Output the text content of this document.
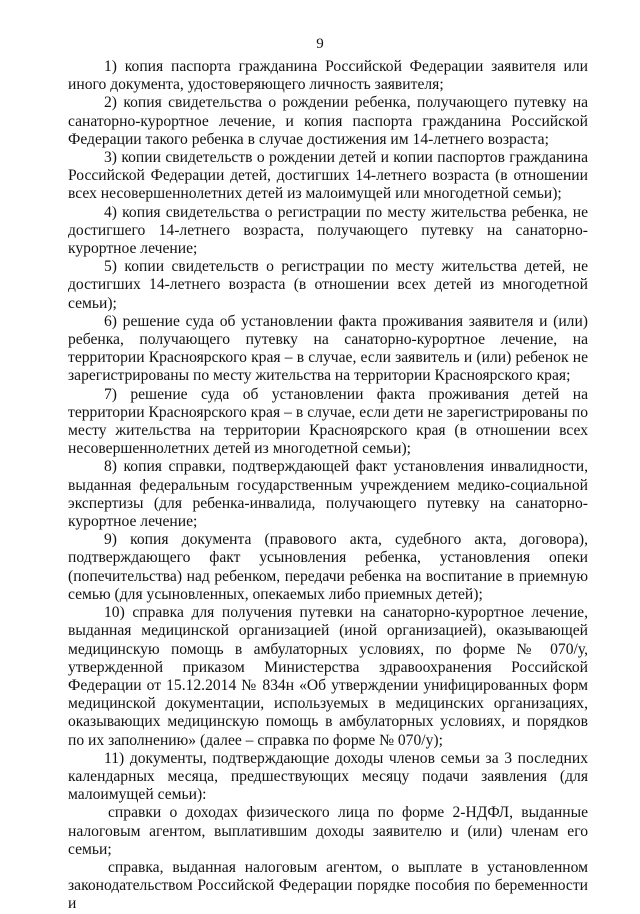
9

1) копия паспорта гражданина Российской Федерации заявителя или иного документа, удостоверяющего личность заявителя;

2) копия свидетельства о рождении ребенка, получающего путевку на санаторно-курортное лечение, и копия паспорта гражданина Российской Федерации такого ребенка в случае достижения им 14-летнего возраста;

3) копии свидетельств о рождении детей и копии паспортов гражданина Российской Федерации детей, достигших 14-летнего возраста (в отношении всех несовершеннолетних детей из малоимущей или многодетной семьи);

4) копия свидетельства о регистрации по месту жительства ребенка, не достигшего 14-летнего возраста, получающего путевку на санаторно-курортное лечение;

5) копии свидетельств о регистрации по месту жительства детей, не достигших 14-летнего возраста (в отношении всех детей из многодетной семьи);

6) решение суда об установлении факта проживания заявителя и (или) ребенка, получающего путевку на санаторно-курортное лечение, на территории Красноярского края – в случае, если заявитель и (или) ребенок не зарегистрированы по месту жительства на территории Красноярского края;

7) решение суда об установлении факта проживания детей на территории Красноярского края – в случае, если дети не зарегистрированы по месту жительства на территории Красноярского края (в отношении всех несовершеннолетних детей из многодетной семьи);

8) копия справки, подтверждающей факт установления инвалидности, выданная федеральным государственным учреждением медико-социальной экспертизы (для ребенка-инвалида, получающего путевку на санаторно-курортное лечение;

9) копия документа (правового акта, судебного акта, договора), подтверждающего факт усыновления ребенка, установления опеки (попечительства) над ребенком, передачи ребенка на воспитание в приемную семью (для усыновленных, опекаемых либо приемных детей);

10) справка для получения путевки на санаторно-курортное лечение, выданная медицинской организацией (иной организацией), оказывающей медицинскую помощь в амбулаторных условиях, по форме № 070/у, утвержденной приказом Министерства здравоохранения Российской Федерации от 15.12.2014 № 834н «Об утверждении унифицированных форм медицинской документации, используемых в медицинских организациях, оказывающих медицинскую помощь в амбулаторных условиях, и порядков по их заполнению» (далее – справка по форме № 070/у);

11) документы, подтверждающие доходы членов семьи за 3 последних календарных месяца, предшествующих месяцу подачи заявления (для малоимущей семьи):

справки о доходах физического лица по форме 2-НДФЛ, выданные налоговым агентом, выплатившим доходы заявителю и (или) членам его семьи;

справка, выданная налоговым агентом, о выплате в установленном законодательством Российской Федерации порядке пособия по беременности и
